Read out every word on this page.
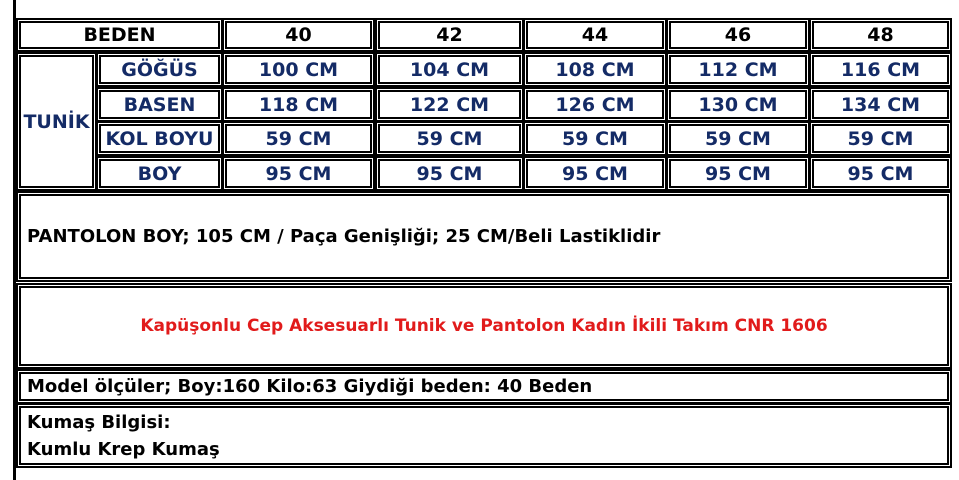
BEDEN	40	42	44	46	48
TUNİK
GÖĞÜS	100 CM	104 CM	108 CM	112 CM	116 CM
BASEN	118 CM	122 CM	126 CM	130 CM	134 CM
KOL BOYU	59 CM	59 CM	59 CM	59 CM	59 CM
BOY	95 CM	95 CM	95 CM	95 CM	95 CM
PANTOLON BOY; 105 CM / Paça Genişliği; 25 CM/Beli Lastiklidir
Kapüşonlu Cep Aksesuarlı Tunik ve Pantolon Kadın İkili Takım CNR 1606
Model ölçüler; Boy:160 Kilo:63 Giydiği beden: 40 Beden
Kumaş Bilgisi:
Kumlu Krep Kumaş
